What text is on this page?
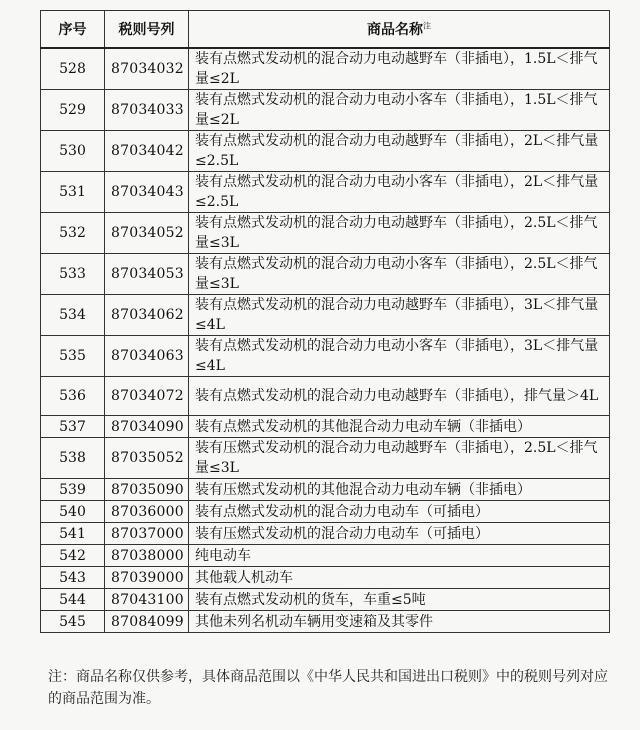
序号	税则号列	商品名称$^注$
528	87034032	装有点燃式发动机的混合动力电动越野车（非插电），1.5L＜排气量≤2L
529	87034033	装有点燃式发动机的混合动力电动小客车（非插电），1.5L＜排气量≤2L
530	87034042	装有点燃式发动机的混合动力电动越野车（非插电），2L＜排气量≤2.5L
531	87034043	装有点燃式发动机的混合动力电动小客车（非插电），2L＜排气量≤2.5L
532	87034052	装有点燃式发动机的混合动力电动越野车（非插电），2.5L＜排气量≤3L
533	87034053	装有点燃式发动机的混合动力电动小客车（非插电），2.5L＜排气量≤3L
534	87034062	装有点燃式发动机的混合动力电动越野车（非插电），3L＜排气量≤4L
535	87034063	装有点燃式发动机的混合动力电动小客车（非插电），3L＜排气量≤4L
536	87034072	装有点燃式发动机的混合动力电动越野车（非插电），排气量＞4L
537	87034090	装有点燃式发动机的其他混合动力电动车辆（非插电）
538	87035052	装有压燃式发动机的混合动力电动越野车（非插电），2.5L＜排气量≤3L
539	87035090	装有压燃式发动机的其他混合动力电动车辆（非插电）
540	87036000	装有点燃式发动机的混合动力电动车（可插电）
541	87037000	装有压燃式发动机的混合动力电动车（可插电）
542	87038000	纯电动车
543	87039000	其他载人机动车
544	87043100	装有点燃式发动机的货车，车重≤5吨
545	87084099	其他未列名机动车辆用变速箱及其零件
注：商品名称仅供参考，具体商品范围以《中华人民共和国进出口税则》中的税则号列对应的商品范围为准。
